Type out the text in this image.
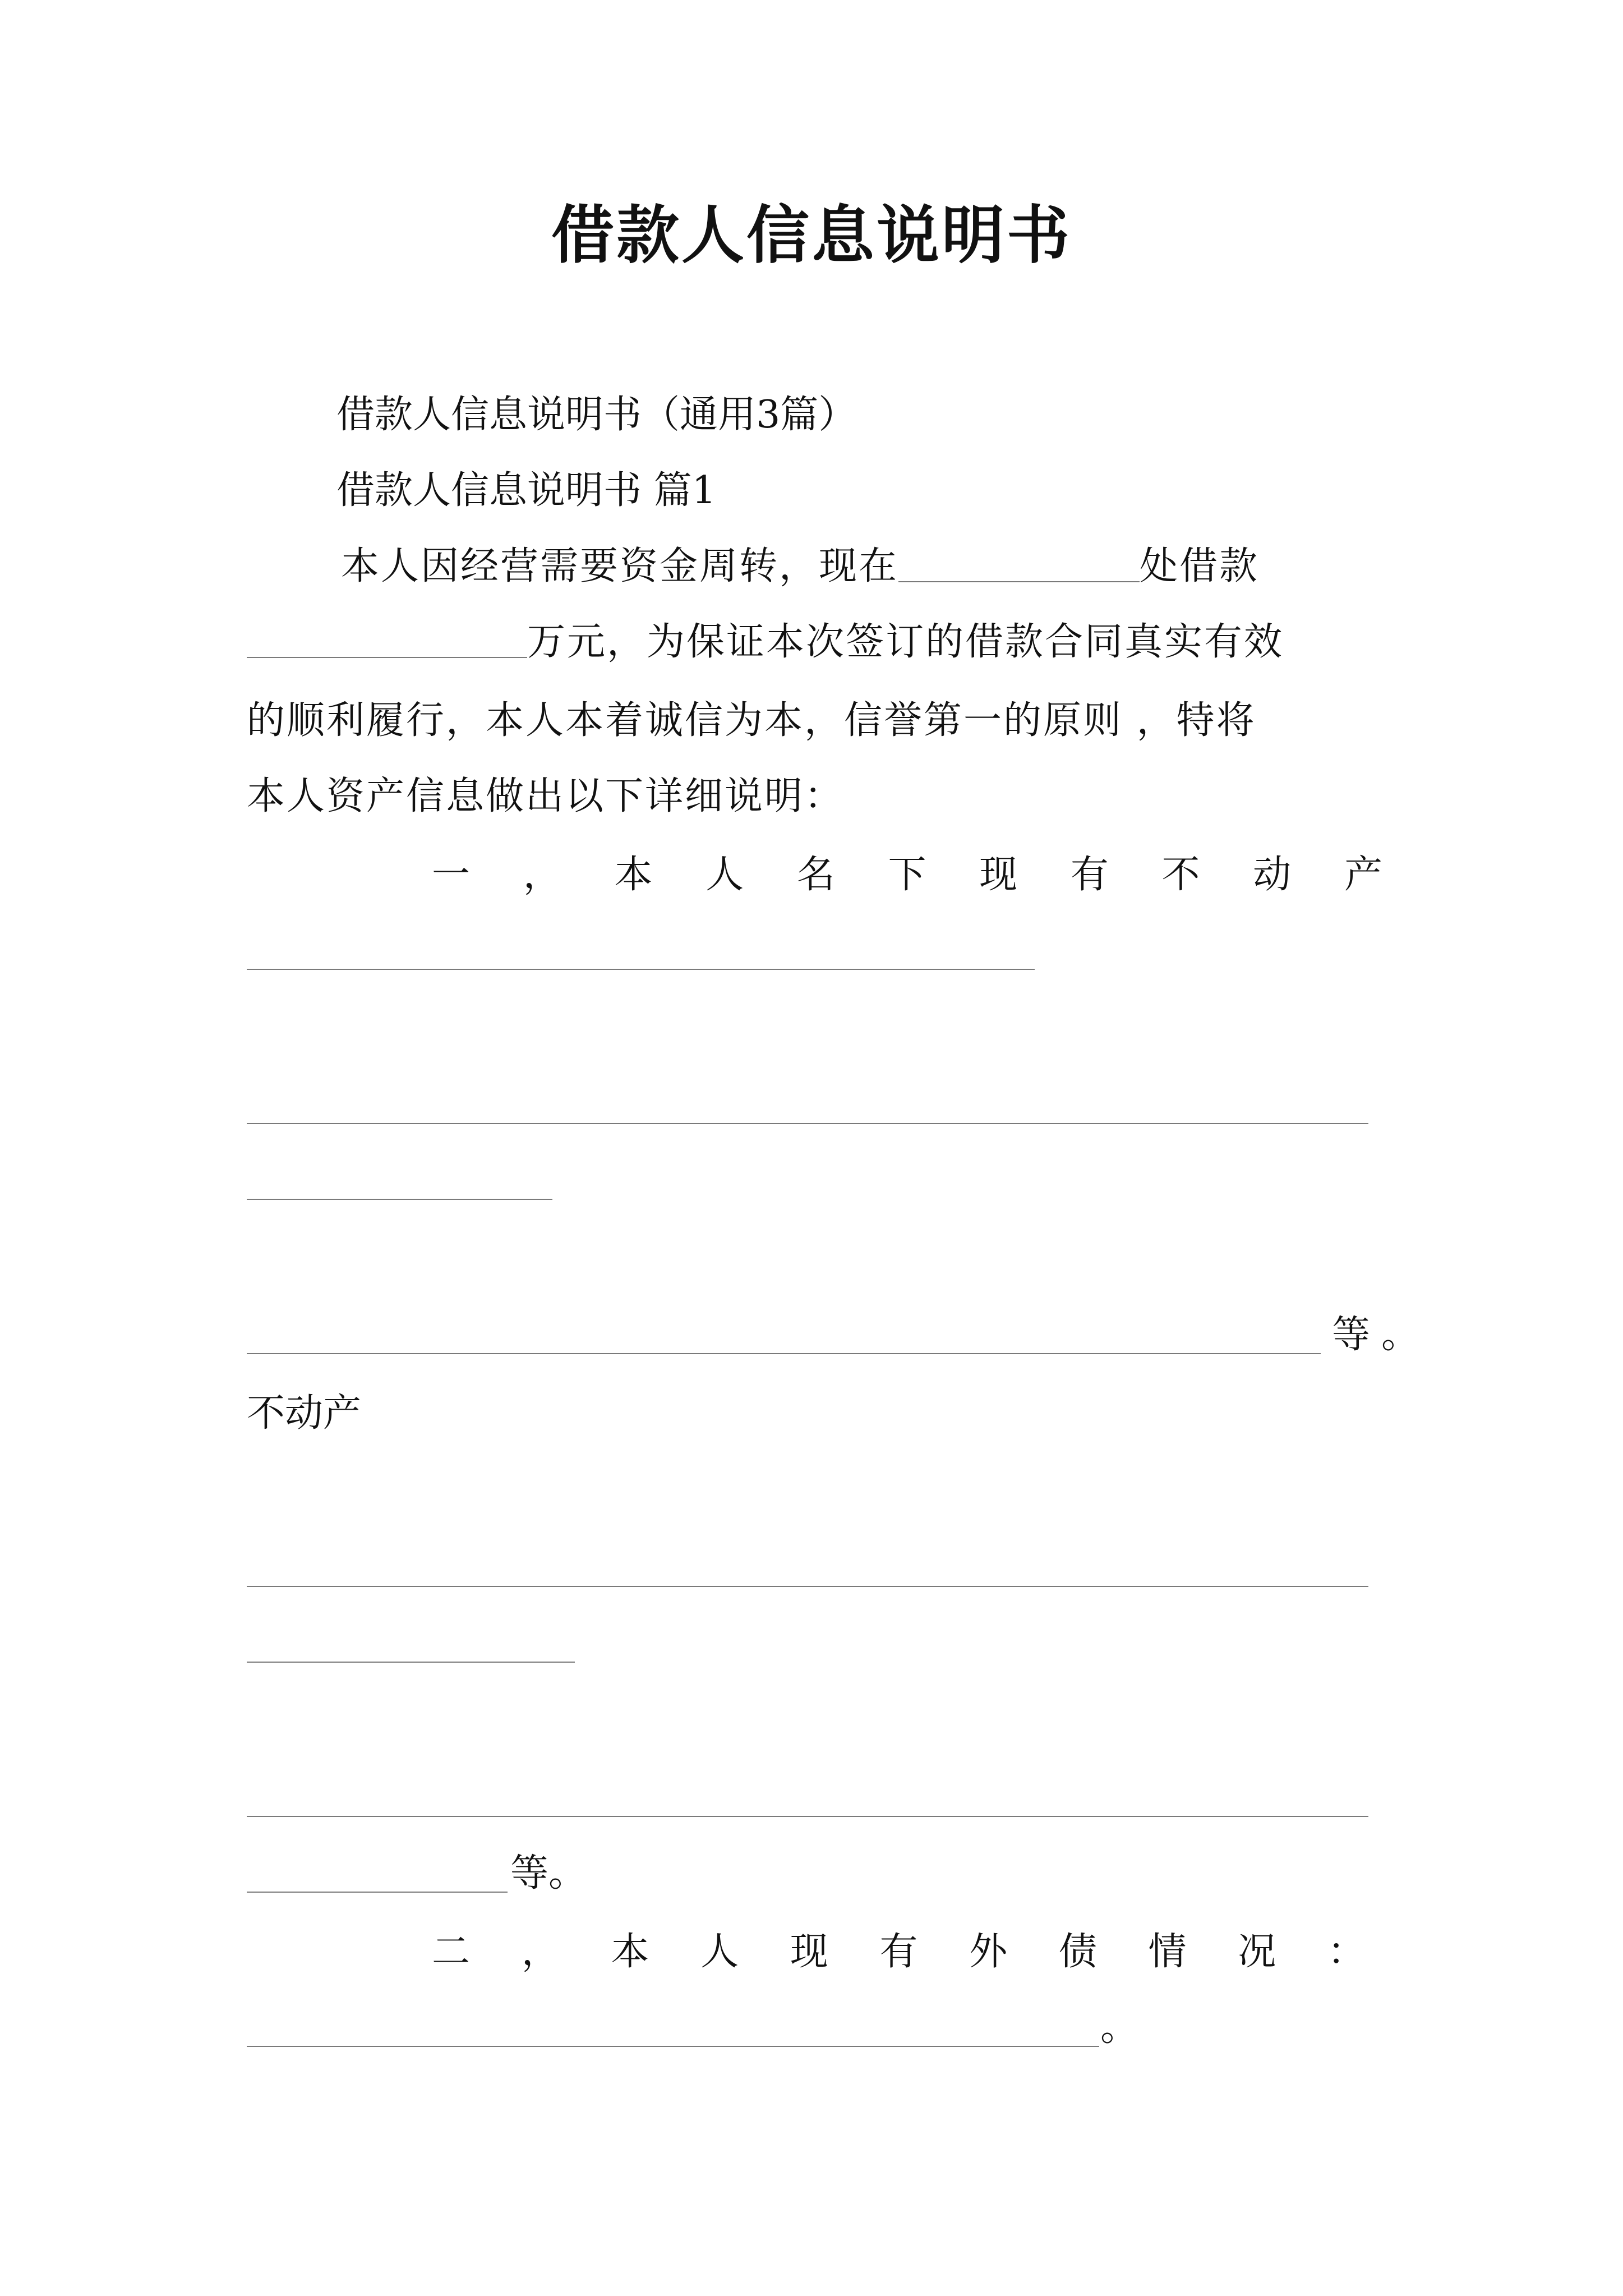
借款人信息说明书
借款人信息说明书（通用3篇）
借款人信息说明书 篇1
本人因经营需要资金周转，现在	处借款
万元，为保证本次签订的借款合同真实有效
的顺利履行，本人本着诚信为本，信誉第一的原则 ，特将
本人资产信息做出以下详细说明：
一 ， 本 人 名 下 现 有 不 动 产
等。
不动产
等。
二 ， 本 人 现 有 外 债 情 况 ：
。
